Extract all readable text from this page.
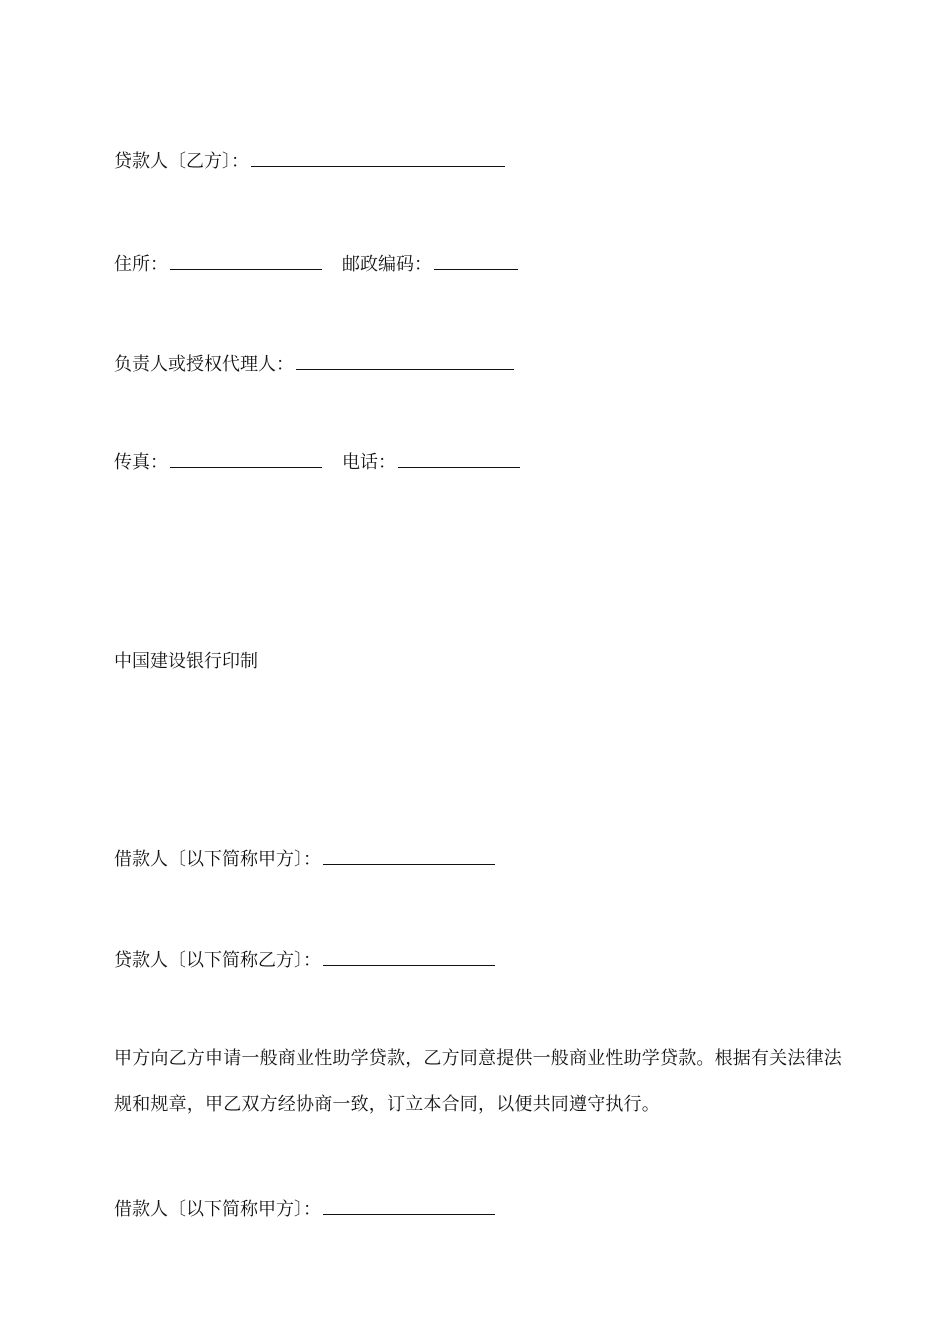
贷款人〔乙方〕：
住所：	邮政编码：
负责人或授权代理人：
传真：	电话：
中国建设银行印制
借款人〔以下简称甲方〕：
贷款人〔以下简称乙方〕：
甲方向乙方申请一般商业性助学贷款，乙方同意提供一般商业性助学贷款。根据有关法律法规和规章，甲乙双方经协商一致，订立本合同，以便共同遵守执行。
借款人〔以下简称甲方〕：
